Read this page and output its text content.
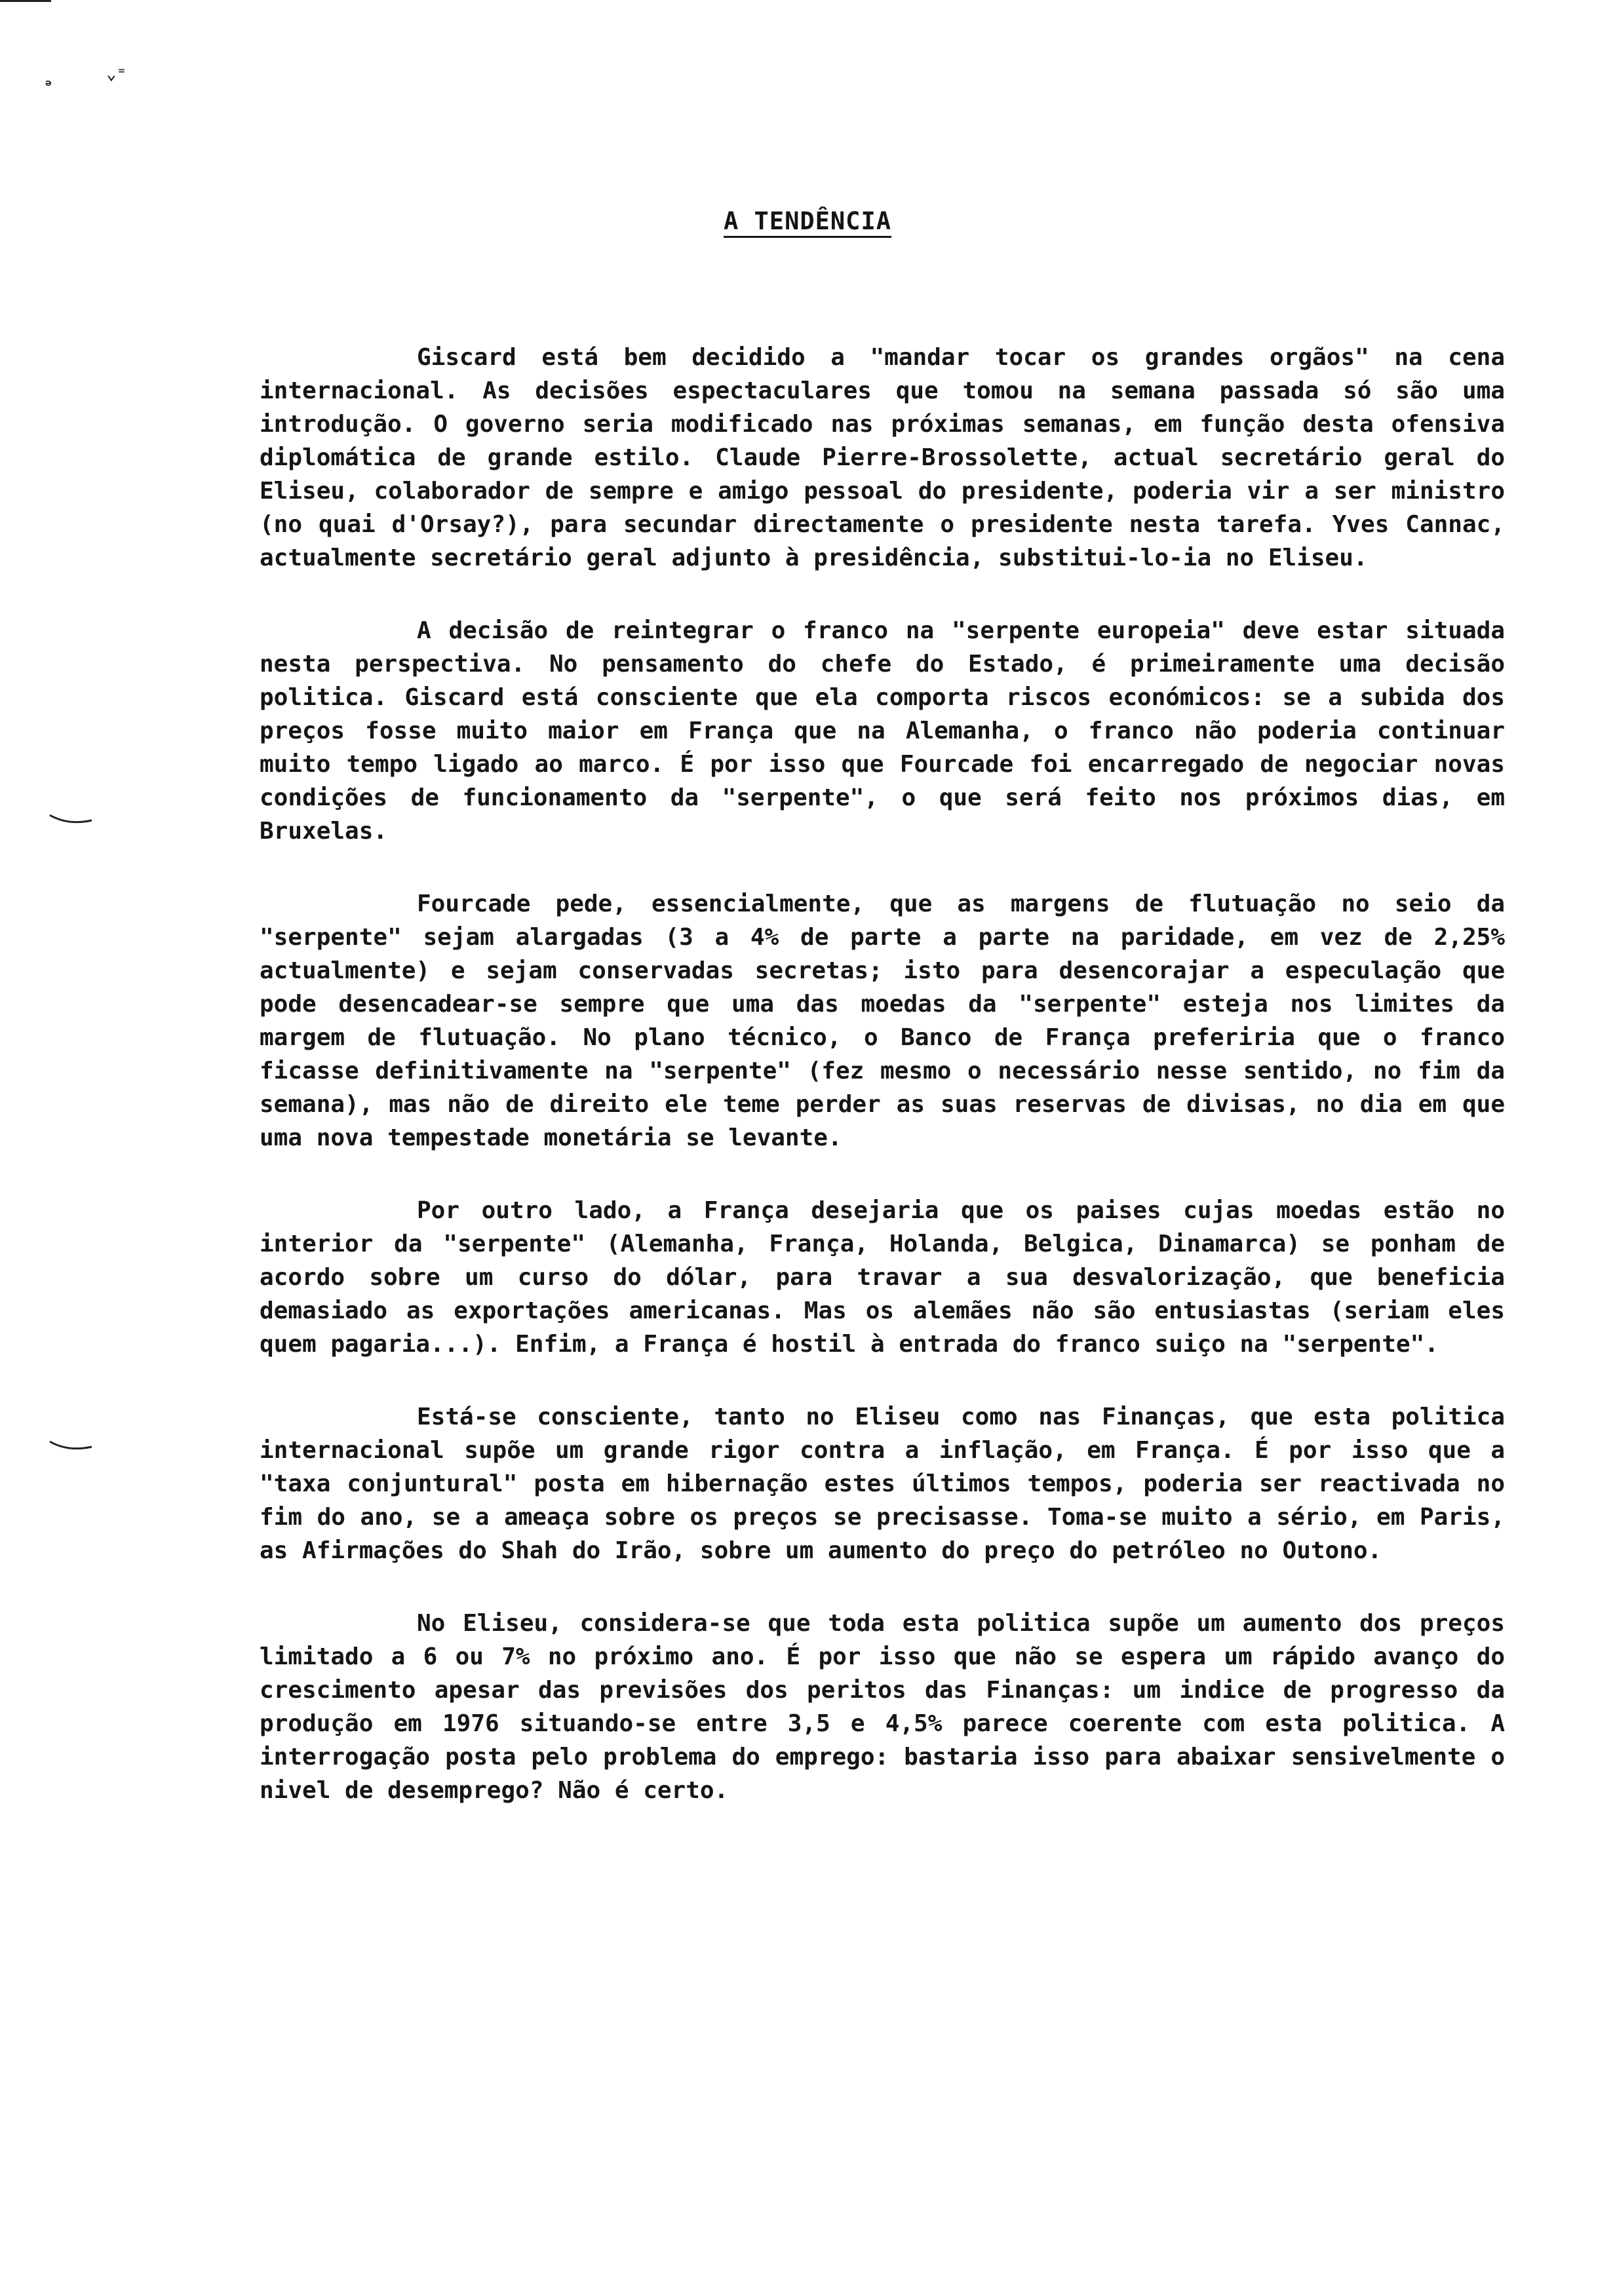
ₔ	⌄⁼
A TENDÊNCIA

Giscard está bem decidido a "mandar tocar os grandes orgãos" na cena internacional. As decisões espectaculares que tomou na semana passada só são uma introdução. O governo seria modificado nas próximas semanas, em função desta ofensiva diplomática de grande estilo. Claude Pierre-Brossolette, actual secretário geral do Eliseu, colaborador de sempre e amigo pessoal do presidente, poderia vir a ser ministro (no quai d'Orsay?), para secundar directamente o presidente nesta tarefa. Yves Cannac, actualmente secretário geral adjunto à presidência, substitui-lo-ia no Eliseu.

A decisão de reintegrar o franco na "serpente europeia" deve estar situada nesta perspectiva. No pensamento do chefe do Estado, é primeiramente uma decisão politica. Giscard está consciente que ela comporta riscos económicos: se a subida dos preços fosse muito maior em França que na Alemanha, o franco não poderia continuar muito tempo ligado ao marco. É por isso que Fourcade foi encarregado de negociar novas condições de funcionamento da "serpente", o que será feito nos próximos dias, em Bruxelas.

Fourcade pede, essencialmente, que as margens de flutuação no seio da "serpente" sejam alargadas (3 a 4% de parte a parte na paridade, em vez de 2,25% actualmente) e sejam conservadas secretas; isto para desencorajar a especulação que pode desencadear-se sempre que uma das moedas da "serpente" esteja nos limites da margem de flutuação. No plano técnico, o Banco de França preferiria que o franco ficasse definitivamente na "serpente" (fez mesmo o necessário nesse sentido, no fim da semana), mas não de direito ele teme perder as suas reservas de divisas, no dia em que uma nova tempestade monetária se levante.

Por outro lado, a França desejaria que os paises cujas moedas estão no interior da "serpente" (Alemanha, França, Holanda, Belgica, Dinamarca) se ponham de acordo sobre um curso do dólar, para travar a sua desvalorização, que beneficia demasiado as exportações americanas. Mas os alemães não são entusiastas (seriam eles quem pagaria...). Enfim, a França é hostil à entrada do franco suiço na "serpente".

Está-se consciente, tanto no Eliseu como nas Finanças, que esta politica internacional supõe um grande rigor contra a inflação, em França. É por isso que a "taxa conjuntural" posta em hibernação estes últimos tempos, poderia ser reactivada no fim do ano, se a ameaça sobre os preços se precisasse. Toma-se muito a sério, em Paris, as Afirmações do Shah do Irão, sobre um aumento do preço do petróleo no Outono.

No Eliseu, considera-se que toda esta politica supõe um aumento dos preços limitado a 6 ou 7% no próximo ano. É por isso que não se espera um rápido avanço do crescimento apesar das previsões dos peritos das Finanças: um indice de progresso da produção em 1976 situando-se entre 3,5 e 4,5% parece coerente com esta politica. A interrogação posta pelo problema do emprego: bastaria isso para abaixar sensivelmente o nivel de desemprego? Não é certo.
